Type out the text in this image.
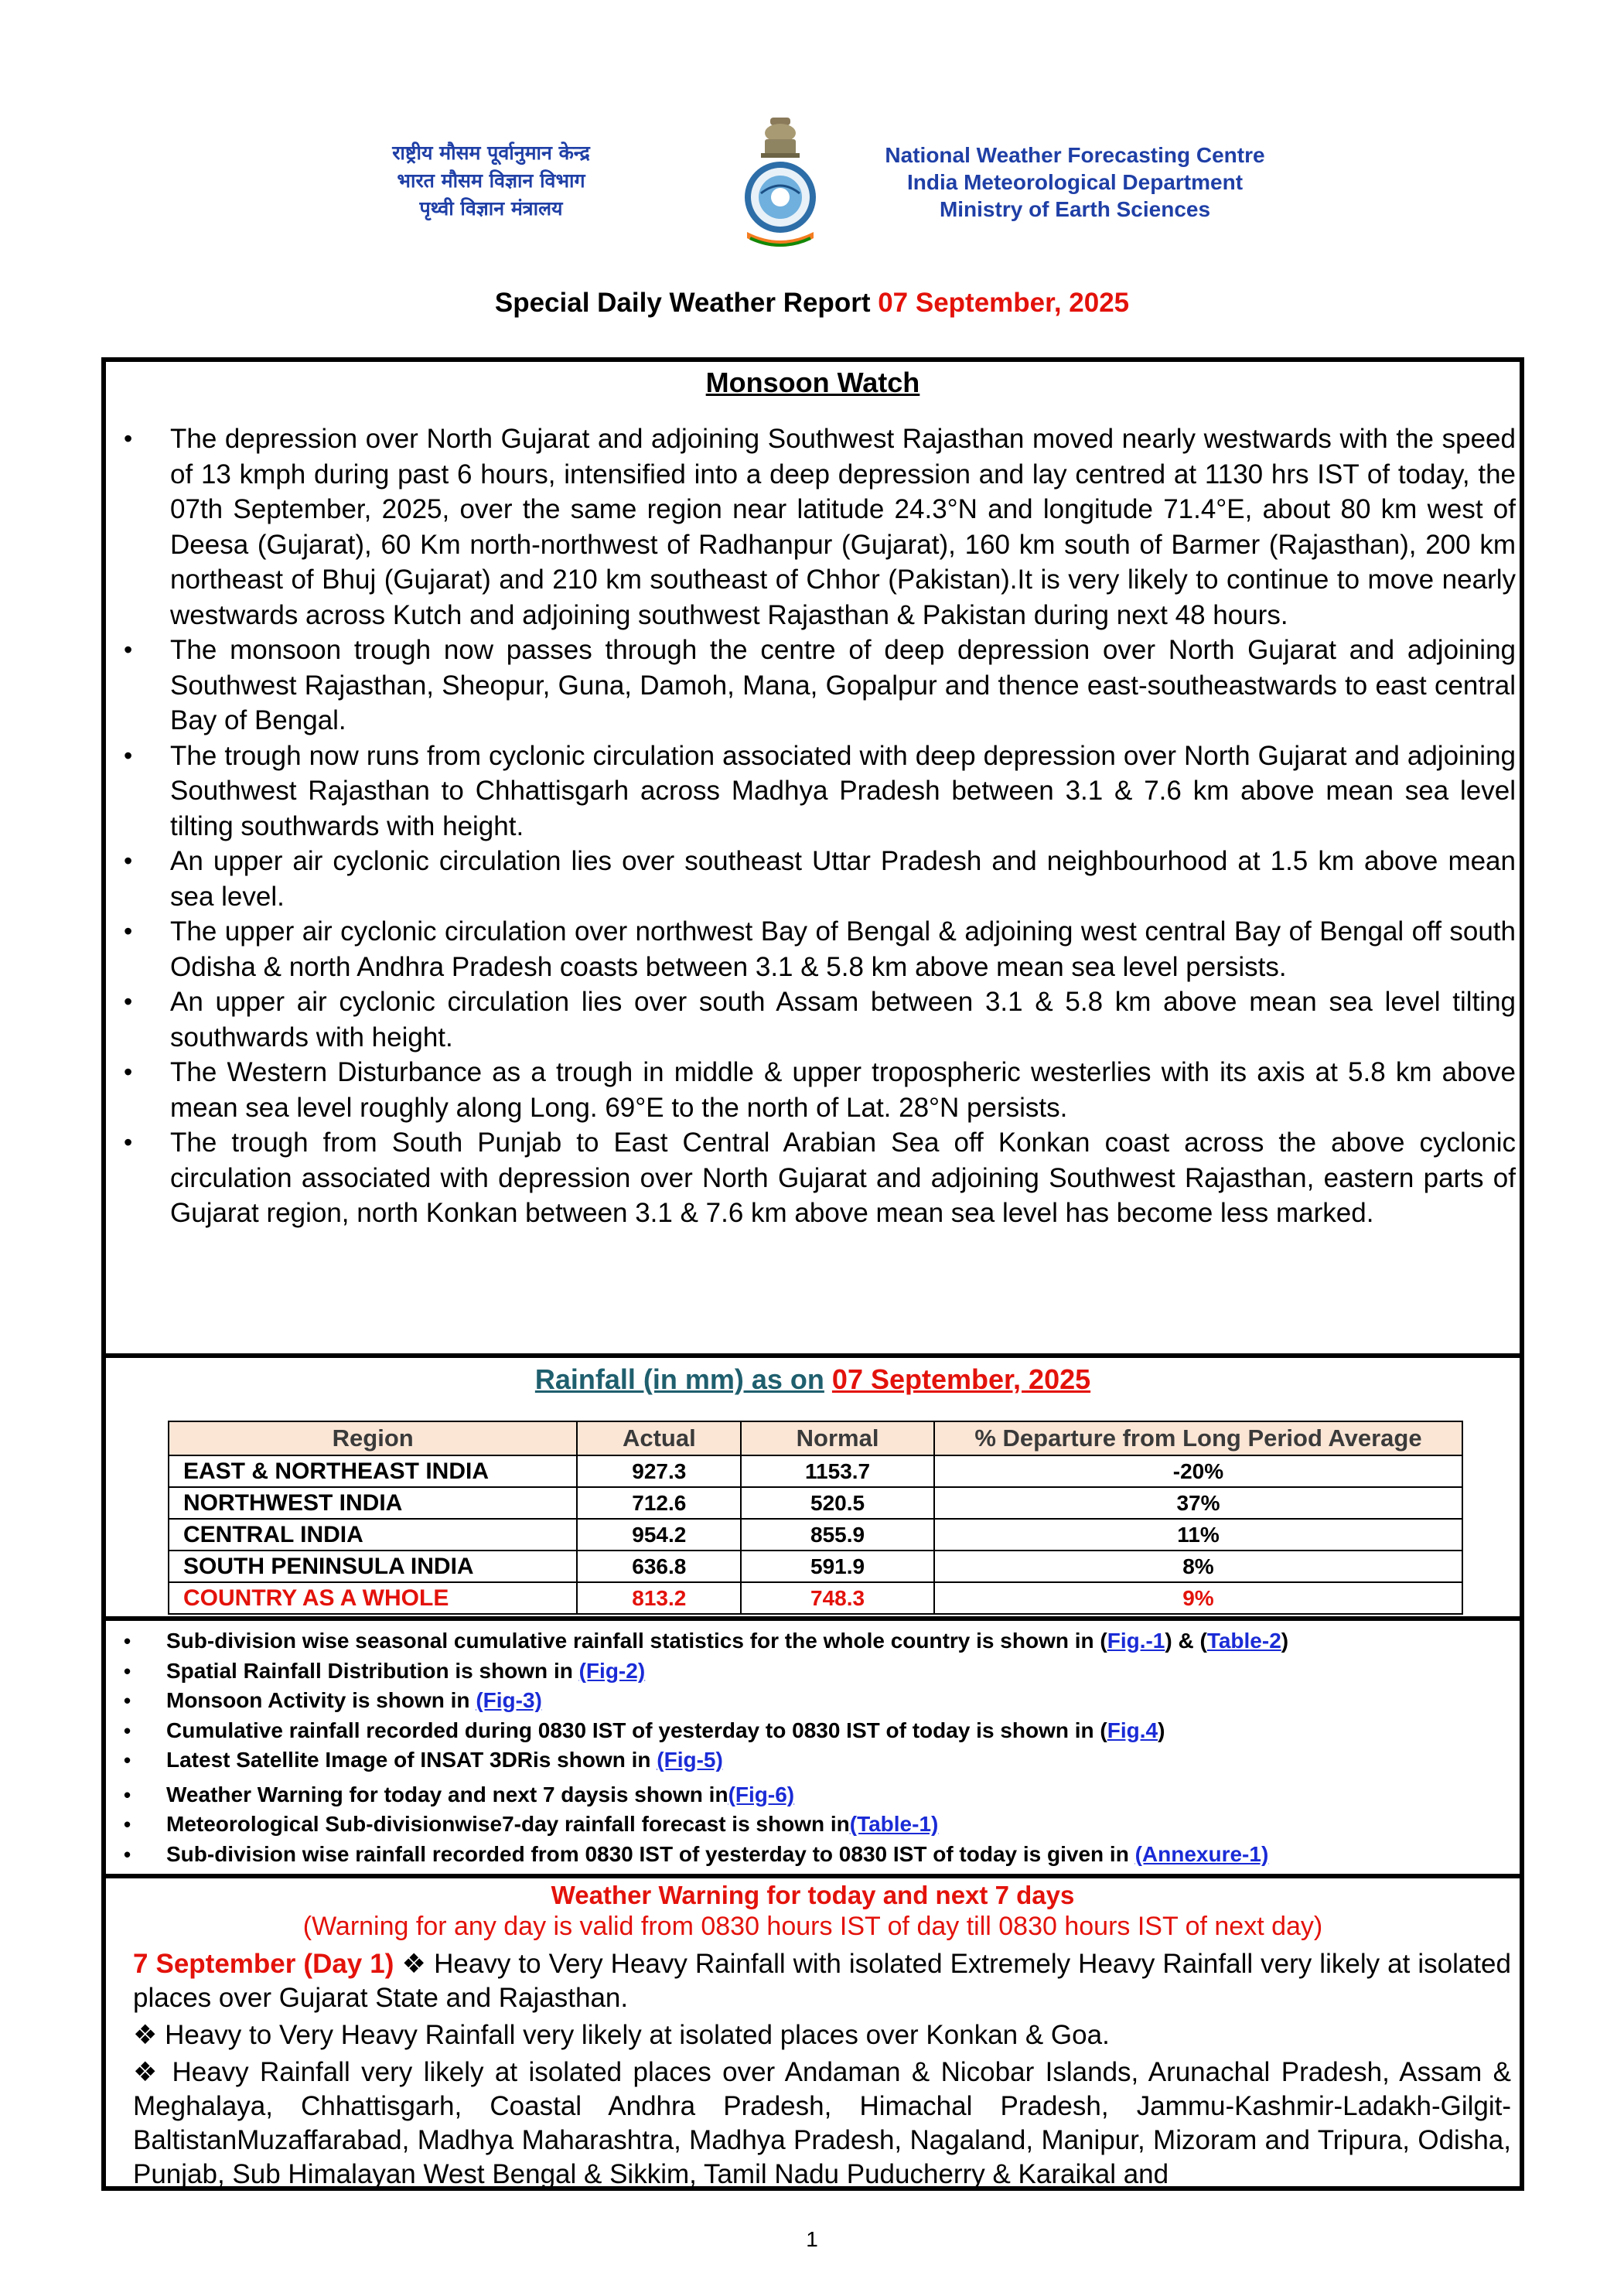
राष्ट्रीय मौसम पूर्वानुमान केन्द्र
भारत मौसम विज्ञान विभाग
पृथ्वी विज्ञान मंत्रालय
National Weather Forecasting Centre
India Meteorological Department
Ministry of Earth Sciences
Special Daily Weather Report 07 September, 2025
Monsoon Watch
• The depression over North Gujarat and adjoining Southwest Rajasthan moved nearly westwards with the speed of 13 kmph during past 6 hours, intensified into a deep depression and lay centred at 1130 hrs IST of today, the 07th September, 2025, over the same region near latitude 24.3°N and longitude 71.4°E, about 80 km west of Deesa (Gujarat), 60 Km north-northwest of Radhanpur (Gujarat), 160 km south of Barmer (Rajasthan), 200 km northeast of Bhuj (Gujarat) and 210 km southeast of Chhor (Pakistan).It is very likely to continue to move nearly westwards across Kutch and adjoining southwest Rajasthan & Pakistan during next 48 hours.
• The monsoon trough now passes through the centre of deep depression over North Gujarat and adjoining Southwest Rajasthan, Sheopur, Guna, Damoh, Mana, Gopalpur and thence east-southeastwards to east central Bay of Bengal.
• The trough now runs from cyclonic circulation associated with deep depression over North Gujarat and adjoining Southwest Rajasthan to Chhattisgarh across Madhya Pradesh between 3.1 & 7.6 km above mean sea level tilting southwards with height.
• An upper air cyclonic circulation lies over southeast Uttar Pradesh and neighbourhood at 1.5 km above mean sea level.
• The upper air cyclonic circulation over northwest Bay of Bengal & adjoining west central Bay of Bengal off south Odisha & north Andhra Pradesh coasts between 3.1 & 5.8 km above mean sea level persists.
• An upper air cyclonic circulation lies over south Assam between 3.1 & 5.8 km above mean sea level tilting southwards with height.
• The Western Disturbance as a trough in middle & upper tropospheric westerlies with its axis at 5.8 km above mean sea level roughly along Long. 69°E to the north of Lat. 28°N persists.
• The trough from South Punjab to East Central Arabian Sea off Konkan coast across the above cyclonic circulation associated with depression over North Gujarat and adjoining Southwest Rajasthan, eastern parts of Gujarat region, north Konkan between 3.1 & 7.6 km above mean sea level has become less marked.
Rainfall (in mm) as on 07 September, 2025
Region	Actual	Normal	% Departure from Long Period Average
EAST & NORTHEAST INDIA	927.3	1153.7	-20%
NORTHWEST INDIA	712.6	520.5	37%
CENTRAL INDIA	954.2	855.9	11%
SOUTH PENINSULA INDIA	636.8	591.9	8%
COUNTRY AS A WHOLE	813.2	748.3	9%
• Sub-division wise seasonal cumulative rainfall statistics for the whole country is shown in (Fig.-1) & (Table-2)
• Spatial Rainfall Distribution is shown in (Fig-2)
• Monsoon Activity is shown in (Fig-3)
• Cumulative rainfall recorded during 0830 IST of yesterday to 0830 IST of today is shown in (Fig.4)
• Latest Satellite Image of INSAT 3DRis shown in (Fig-5)
• Weather Warning for today and next 7 daysis shown in(Fig-6)
• Meteorological Sub-divisionwise7-day rainfall forecast is shown in(Table-1)
• Sub-division wise rainfall recorded from 0830 IST of yesterday to 0830 IST of today is given in (Annexure-1)
Weather Warning for today and next 7 days
(Warning for any day is valid from 0830 hours IST of day till 0830 hours IST of next day)

7 September (Day 1) ❖ Heavy to Very Heavy Rainfall with isolated Extremely Heavy Rainfall very likely at isolated places over Gujarat State and Rajasthan.

❖ Heavy to Very Heavy Rainfall very likely at isolated places over Konkan & Goa.

❖ Heavy Rainfall very likely at isolated places over Andaman & Nicobar Islands, Arunachal Pradesh, Assam & Meghalaya, Chhattisgarh, Coastal Andhra Pradesh, Himachal Pradesh, Jammu-Kashmir-Ladakh-Gilgit-BaltistanMuzaffarabad, Madhya Maharashtra, Madhya Pradesh, Nagaland, Manipur, Mizoram and Tripura, Odisha, Punjab, Sub Himalayan West Bengal & Sikkim, Tamil Nadu Puducherry & Karaikal and

1
